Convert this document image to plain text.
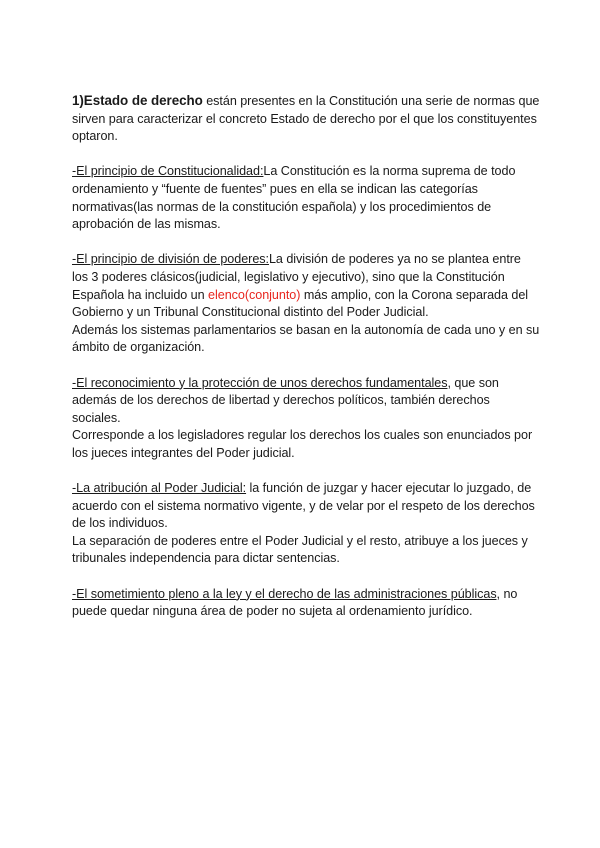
1)Estado de derecho están presentes en la Constitución una serie de normas que sirven para caracterizar el concreto Estado de derecho por el que los constituyentes optaron.

-El principio de Constitucionalidad:La Constitución es la norma suprema de todo ordenamiento y “fuente de fuentes” pues en ella se indican las categorías normativas(las normas de la constitución española) y los procedimientos de aprobación de las mismas.

-El principio de división de poderes:La división de poderes ya no se plantea entre los 3 poderes clásicos(judicial, legislativo y ejecutivo), sino que la Constitución Española ha incluido un elenco(conjunto) más amplio, con la Corona separada del Gobierno y un Tribunal Constitucional distinto del Poder Judicial.

Además los sistemas parlamentarios se basan en la autonomía de cada uno y en su ámbito de organización.

-El reconocimiento y la protección de unos derechos fundamentales, que son además de los derechos de libertad y derechos políticos, también derechos sociales.

Corresponde a los legisladores regular los derechos los cuales son enunciados por los jueces integrantes del Poder judicial.

-La atribución al Poder Judicial: la función de juzgar y hacer ejecutar lo juzgado, de acuerdo con el sistema normativo vigente, y de velar por el respeto de los derechos de los individuos.

La separación de poderes entre el Poder Judicial y el resto, atribuye a los jueces y tribunales independencia para dictar sentencias.

-El sometimiento pleno a la ley y el derecho de las administraciones públicas, no puede quedar ninguna área de poder no sujeta al ordenamiento jurídico.
